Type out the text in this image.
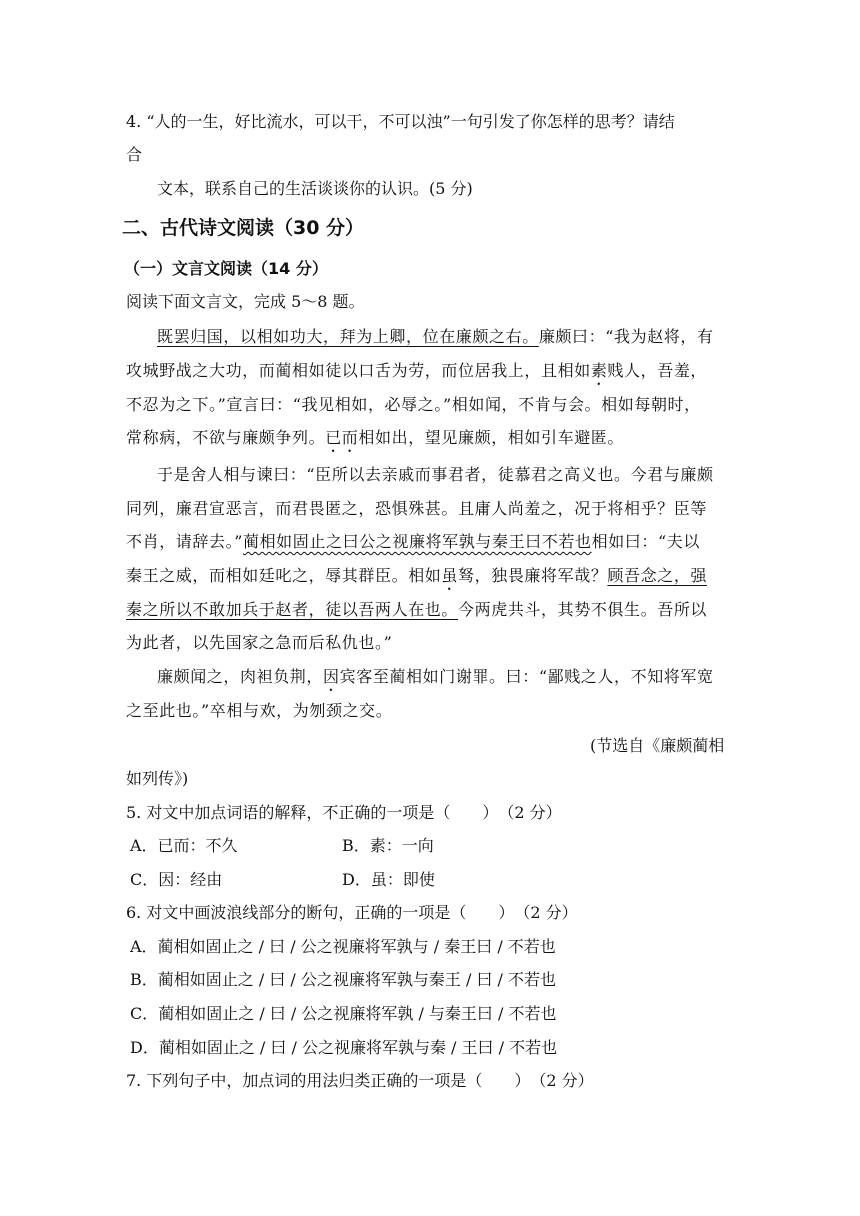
4. “人的一生，好比流水，可以干，不可以浊”一句引发了你怎样的思考？请结
合
文本，联系自己的生活谈谈你的认识。(5 分)
二、古代诗文阅读（30 分）
（一）文言文阅读（14 分）
阅读下面文言文，完成 5～8 题。
既罢归国，以相如功大，拜为上卿，位在廉颇之右。廉颇曰：“我为赵将，有
攻城野战之大功，而蔺相如徒以口舌为劳，而位居我上，且相如素贱人，吾羞，
不忍为之下。”宣言曰：“我见相如，必辱之。”相如闻，不肯与会。相如每朝时，
常称病，不欲与廉颇争列。已而相如出，望见廉颇，相如引车避匿。
于是舍人相与谏曰：“臣所以去亲戚而事君者，徒慕君之高义也。今君与廉颇
同列，廉君宣恶言，而君畏匿之，恐惧殊甚。且庸人尚羞之，况于将相乎？臣等
不肖，请辞去。”蔺相如固止之曰公之视廉将军孰与秦王曰不若也相如曰：“夫以
秦王之威，而相如廷叱之，辱其群臣。相如虽驽，独畏廉将军哉？顾吾念之，强
秦之所以不敢加兵于赵者，徒以吾两人在也。今两虎共斗，其势不俱生。吾所以
为此者，以先国家之急而后私仇也。”
廉颇闻之，肉袒负荆，因宾客至蔺相如门谢罪。曰：“鄙贱之人，不知将军宽
之至此也。”卒相与欢，为刎颈之交。
(节选自《廉颇蔺相
如列传》)
5. 对文中加点词语的解释，不正确的一项是（　　）　（2 分）
A．已而：不久	B．素：一向
C．因：经由	D．虽：即使
6. 对文中画波浪线部分的断句，正确的一项是（　　）　（2 分）
A．蔺相如固止之 / 曰 / 公之视廉将军孰与 / 秦王曰 / 不若也
B．蔺相如固止之 / 曰 / 公之视廉将军孰与秦王 / 曰 / 不若也
C．蔺相如固止之 / 曰 / 公之视廉将军孰 / 与秦王曰 / 不若也
D．蔺相如固止之 / 曰 / 公之视廉将军孰与秦 / 王曰 / 不若也
7. 下列句子中，加点词的用法归类正确的一项是（　　）　（2 分）
